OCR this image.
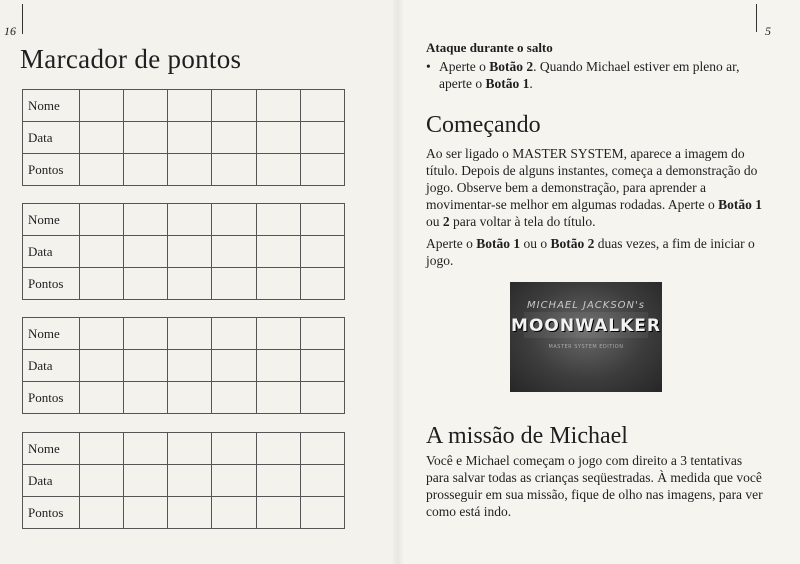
16	5
Marcador de pontos
Nome						
Data						
Pontos						
Nome						
Data						
Pontos						
Nome						
Data						
Pontos						
Nome						
Data						
Pontos						
Ataque durante o salto
• Aperte o Botão 2. Quando Michael estiver em pleno ar, aperte o Botão 1.
Começando

Ao ser ligado o MASTER SYSTEM, aparece a imagem do título. Depois de alguns instantes, começa a demonstração do jogo. Observe bem a demonstração, para aprender a movimentar-se melhor em algumas rodadas. Aperte o Botão 1 ou 2 para voltar à tela do título.

Aperte o Botão 1 ou o Botão 2 duas vezes, a fim de iniciar o jogo.

MICHAEL JACKSON's
MOONWALKER
MASTER SYSTEM EDITION
A missão de Michael

Você e Michael começam o jogo com direito a 3 tentativas para salvar todas as crianças seqüestradas. À medida que você prosseguir em sua missão, fique de olho nas imagens, para ver como está indo.
